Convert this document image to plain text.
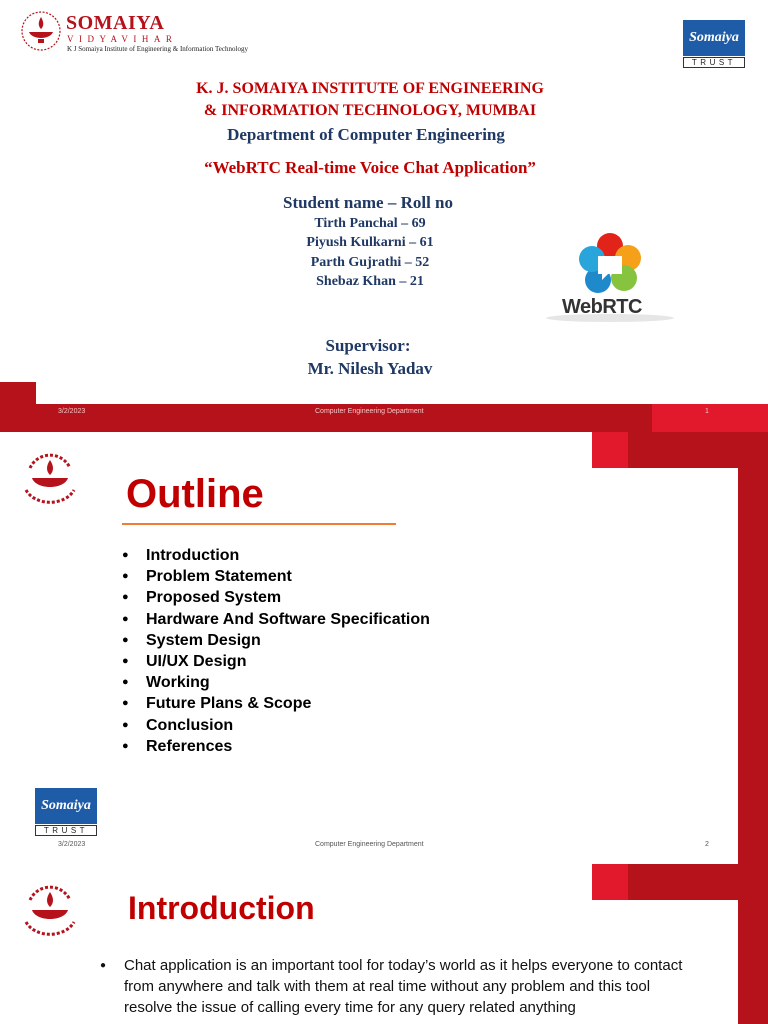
SOMAIYA
VIDYAVIHAR
K J Somaiya Institute of Engineering & Information Technology
Somaiya
TRUST
K. J. SOMAIYA INSTITUTE OF ENGINEERING
& INFORMATION TECHNOLOGY, MUMBAI
Department of Computer Engineering
“WebRTC Real-time Voice Chat Application”
Student name – Roll no
Tirth Panchal – 69
Piyush Kulkarni – 61
Parth Gujrathi – 52
Shebaz Khan – 21
WebRTC
Supervisor:
Mr. Nilesh Yadav
3/2/2023	Computer Engineering Department	1
Outline
● Introduction
● Problem Statement
● Proposed System
● Hardware And Software Specification
● System Design
● UI/UX Design
● Working
● Future Plans & Scope
● Conclusion
● References
Somaiya
TRUST
3/2/2023	Computer Engineering Department	2
Introduction
● Chat application is an important tool for today’s world as it helps everyone to contact from anywhere and talk with them at real time without any problem and this tool resolve the issue of calling every time for any query related anything
